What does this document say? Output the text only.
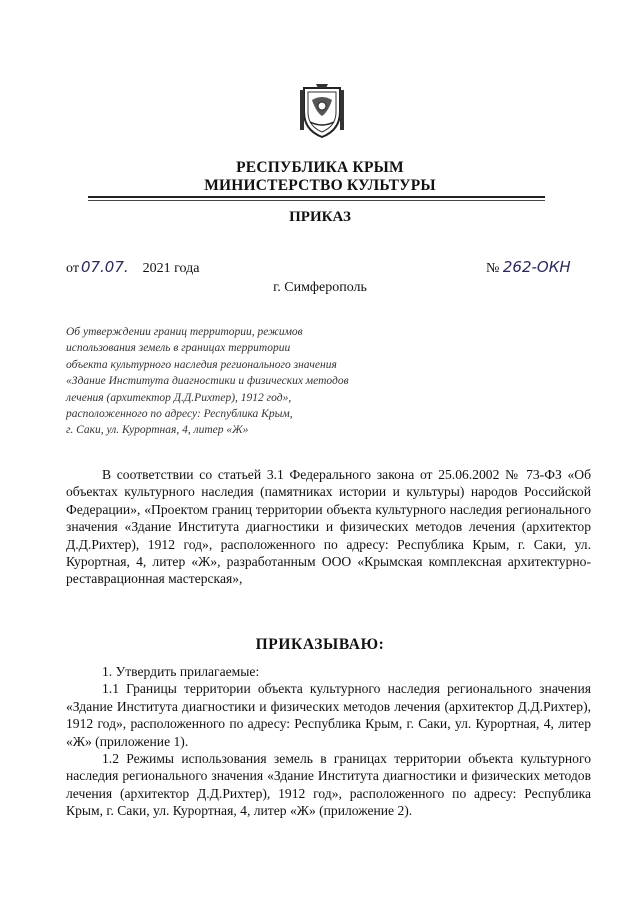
РЕСПУБЛИКА КРЫМ
МИНИСТЕРСТВО КУЛЬТУРЫ
ПРИКАЗ
от 07.07. 2021 года	№ 262-ОКН
г. Симферополь
Об утверждении границ территории, режимов
использования земель в границах территории
объекта культурного наследия регионального значения
«Здание Института диагностики и физических методов
лечения (архитектор Д.Д.Рихтер), 1912 год»,
расположенного по адресу: Республика Крым,
г. Саки, ул. Курортная, 4, литер «Ж»

В соответствии со статьей 3.1 Федерального закона от 25.06.2002 № 73-ФЗ «Об объектах культурного наследия (памятниках истории и культуры) народов Российской Федерации», «Проектом границ территории объекта культурного наследия регионального значения «Здание Института диагностики и физических методов лечения (архитектор Д.Д.Рихтер), 1912 год», расположенного по адресу: Республика Крым, г. Саки, ул. Курортная, 4, литер «Ж», разработанным ООО «Крымская комплексная архитектурно-реставрационная мастерская»,

ПРИКАЗЫВАЮ:

1. Утвердить прилагаемые:

1.1 Границы территории объекта культурного наследия регионального значения «Здание Института диагностики и физических методов лечения (архитектор Д.Д.Рихтер), 1912 год», расположенного по адресу: Республика Крым, г. Саки, ул. Курортная, 4, литер «Ж» (приложение 1).

1.2 Режимы использования земель в границах территории объекта культурного наследия регионального значения «Здание Института диагностики и физических методов лечения (архитектор Д.Д.Рихтер), 1912 год», расположенного по адресу: Республика Крым, г. Саки, ул. Курортная, 4, литер «Ж» (приложение 2).
